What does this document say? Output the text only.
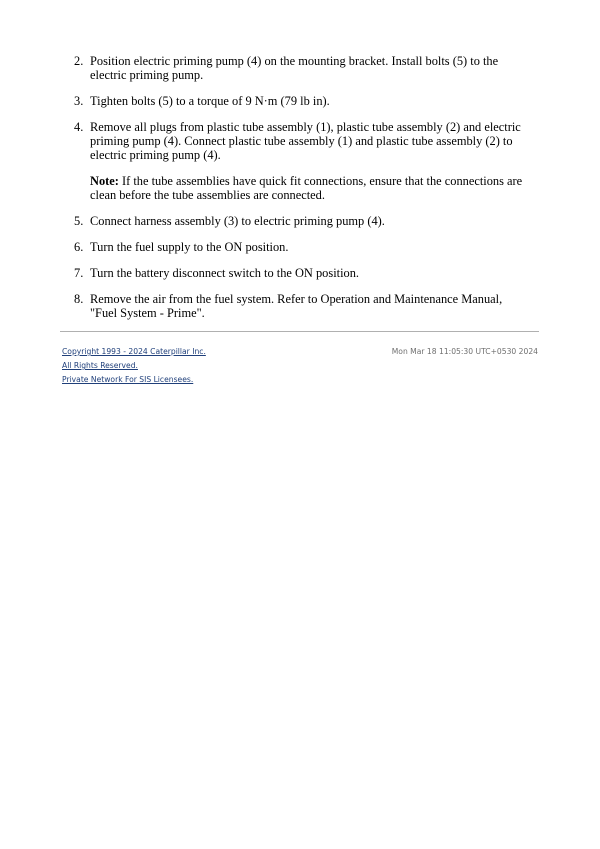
2. Position electric priming pump (4) on the mounting bracket. Install bolts (5) to the electric priming pump.
3. Tighten bolts (5) to a torque of 9 N·m (79 lb in).
4. Remove all plugs from plastic tube assembly (1), plastic tube assembly (2) and electric priming pump (4). Connect plastic tube assembly (1) and plastic tube assembly (2) to electric priming pump (4).
Note: If the tube assemblies have quick fit connections, ensure that the connections are clean before the tube assemblies are connected.
5. Connect harness assembly (3) to electric priming pump (4).
6. Turn the fuel supply to the ON position.
7. Turn the battery disconnect switch to the ON position.
8. Remove the air from the fuel system. Refer to Operation and Maintenance Manual, "Fuel System - Prime".
Copyright 1993 - 2024 Caterpillar Inc.
All Rights Reserved.
Private Network For SIS Licensees.
Mon Mar 18 11:05:30 UTC+0530 2024
